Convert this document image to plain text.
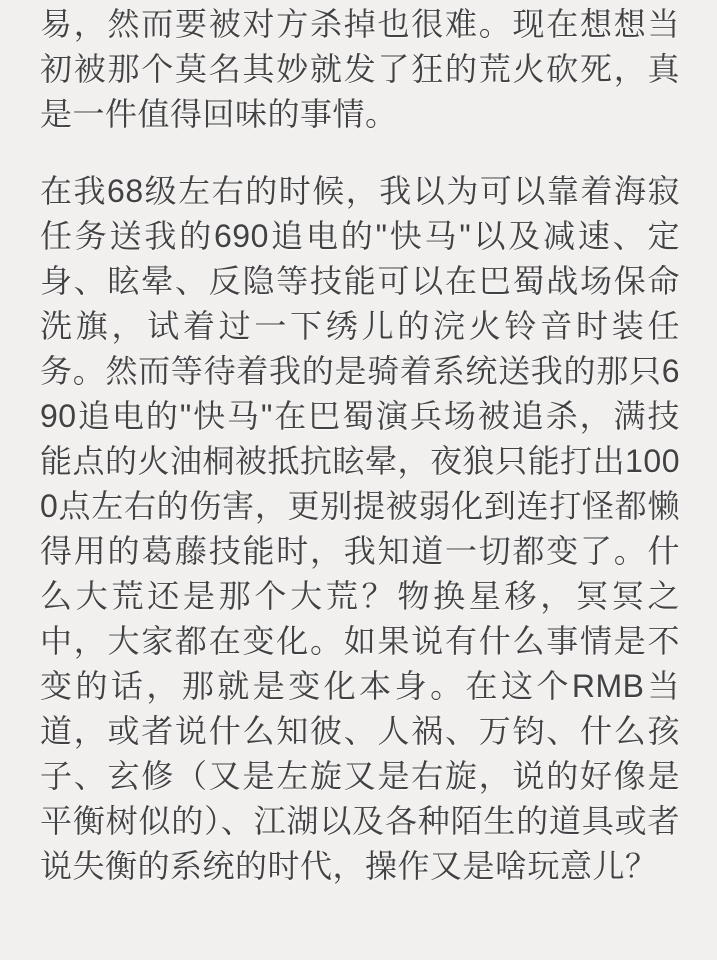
易，然而要被对方杀掉也很难。现在想想当初被那个莫名其妙就发了狂的荒火砍死，真是一件值得回味的事情。

在我68级左右的时候，我以为可以靠着海寂任务送我的690追电的"快马"以及减速、定身、眩晕、反隐等技能可以在巴蜀战场保命洗旗，试着过一下绣儿的浣火铃音时装任务。然而等待着我的是骑着系统送我的那只690追电的"快马"在巴蜀演兵场被追杀，满技能点的火油桐被抵抗眩晕，夜狼只能打出1000点左右的伤害，更别提被弱化到连打怪都懒得用的葛藤技能时，我知道一切都变了。什么大荒还是那个大荒？物换星移，冥冥之中，大家都在变化。如果说有什么事情是不变的话，那就是变化本身。在这个RMB当道，或者说什么知彼、人祸、万钧、什么孩子、玄修（又是左旋又是右旋，说的好像是平衡树似的）、江湖以及各种陌生的道具或者说失衡的系统的时代，操作又是啥玩意儿？
